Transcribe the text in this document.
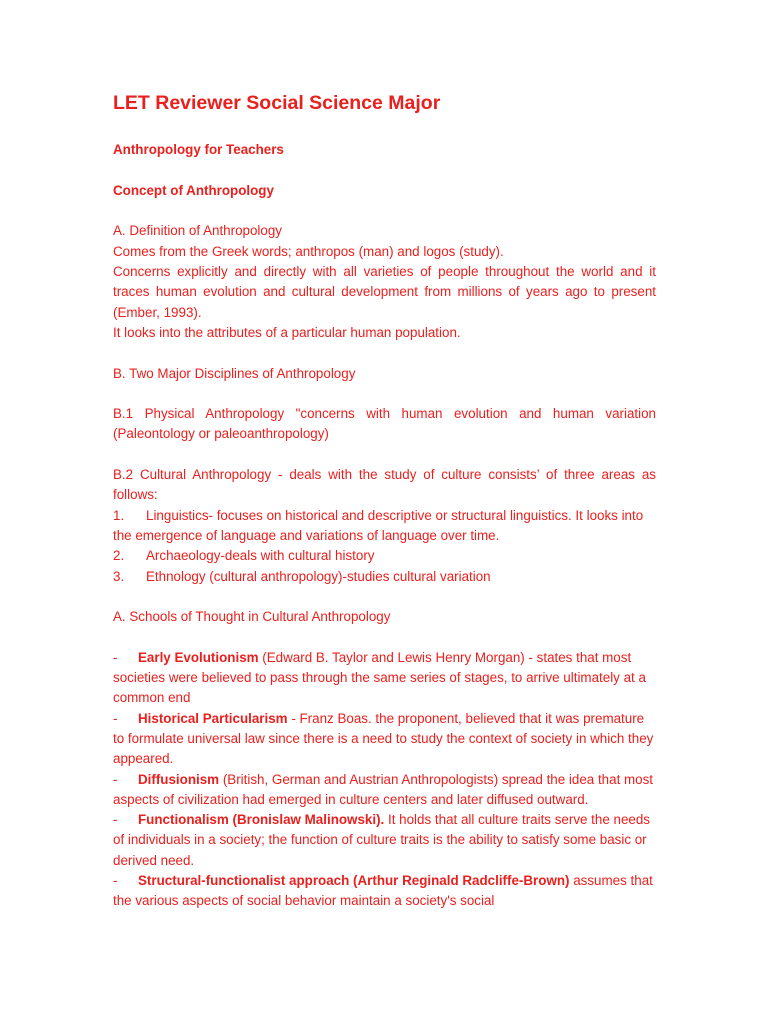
LET Reviewer Social Science Major

Anthropology for Teachers

Concept of Anthropology

A. Definition of Anthropology

Comes from the Greek words; anthropos (man) and logos (study).

Concerns explicitly and directly with all varieties of people throughout the world and it traces human evolution and cultural development from millions of years ago to present (Ember, 1993).

It looks into the attributes of a particular human population.

B. Two Major Disciplines of Anthropology

B.1 Physical Anthropology "concerns with human evolution and human variation (Paleontology or paleoanthropology)

B.2 Cultural Anthropology - deals with the study of culture consists’ of three areas as follows:

1. Linguistics- focuses on historical and descriptive or structural linguistics. It looks into the emergence of language and variations of language over time.

2.	Archaeology-deals with cultural history
3.	Ethnology (cultural anthropology)-studies cultural variation

A. Schools of Thought in Cultural Anthropology

- Early Evolutionism (Edward B. Taylor and Lewis Henry Morgan) - states that most societies were believed to pass through the same series of stages, to arrive ultimately at a common end

- Historical Particularism - Franz Boas. the proponent, believed that it was premature to formulate universal law since there is a need to study the context of society in which they appeared.

- Diffusionism (British, German and Austrian Anthropologists) spread the idea that most aspects of civilization had emerged in culture centers and later diffused outward.

- Functionalism (Bronislaw Malinowski). It holds that all culture traits serve the needs of individuals in a society; the function of culture traits is the ability to satisfy some basic or derived need.

- Structural-functionalist approach (Arthur Reginald Radcliffe-Brown) assumes that the various aspects of social behavior maintain a society's social
